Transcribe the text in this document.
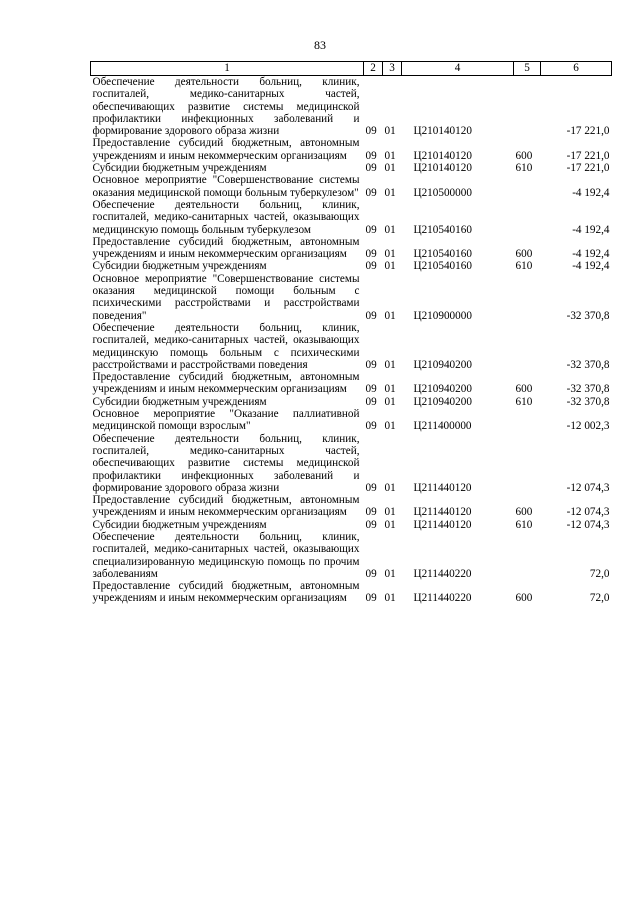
83
1	2	3	4	5	6
Обеспечение деятельности больниц, клиник, госпиталей, медико-санитарных частей, обеспечивающих развитие системы медицинской профилактики инфекционных заболеваний и формирование здорового образа жизни	09	01	Ц210140120		-17 221,0
Предоставление субсидий бюджетным, автономным учреждениям и иным некоммерческим организациям	09	01	Ц210140120	600	-17 221,0
Субсидии бюджетным учреждениям	09	01	Ц210140120	610	-17 221,0
Основное мероприятие "Совершенствование системы оказания медицинской помощи больным туберкулезом"	09	01	Ц210500000		-4 192,4
Обеспечение деятельности больниц, клиник, госпиталей, медико-санитарных частей, оказывающих медицинскую помощь больным туберкулезом	09	01	Ц210540160		-4 192,4
Предоставление субсидий бюджетным, автономным учреждениям и иным некоммерческим организациям	09	01	Ц210540160	600	-4 192,4
Субсидии бюджетным учреждениям	09	01	Ц210540160	610	-4 192,4
Основное мероприятие "Совершенствование системы оказания медицинской помощи больным с психическими расстройствами и расстройствами поведения"	09	01	Ц210900000		-32 370,8
Обеспечение деятельности больниц, клиник, госпиталей, медико-санитарных частей, оказывающих медицинскую помощь больным с психическими расстройствами и расстройствами поведения	09	01	Ц210940200		-32 370,8
Предоставление субсидий бюджетным, автономным учреждениям и иным некоммерческим организациям	09	01	Ц210940200	600	-32 370,8
Субсидии бюджетным учреждениям	09	01	Ц210940200	610	-32 370,8
Основное мероприятие "Оказание паллиативной медицинской помощи взрослым"	09	01	Ц211400000		-12 002,3
Обеспечение деятельности больниц, клиник, госпиталей, медико-санитарных частей, обеспечивающих развитие системы медицинской профилактики инфекционных заболеваний и формирование здорового образа жизни	09	01	Ц211440120		-12 074,3
Предоставление субсидий бюджетным, автономным учреждениям и иным некоммерческим организациям	09	01	Ц211440120	600	-12 074,3
Субсидии бюджетным учреждениям	09	01	Ц211440120	610	-12 074,3
Обеспечение деятельности больниц, клиник, госпиталей, медико-санитарных частей, оказывающих специализированную медицинскую помощь по прочим заболеваниям	09	01	Ц211440220		72,0
Предоставление субсидий бюджетным, автономным учреждениям и иным некоммерческим организациям	09	01	Ц211440220	600	72,0
